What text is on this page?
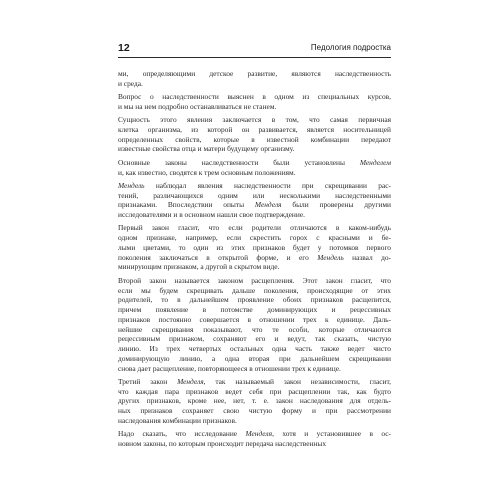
12	Педология подростка

ми, определяющими детское развитие, являются наследственность
и среда.

Вопрос о наследственности выяснен в одном из специальных курсов,
и мы на нем подробно останавливаться не станем.

Сущность этого явления заключается в том, что самая первичная
клетка организма, из которой он развивается, является носительницей
определенных свойств, которые в известной комбинации передают
известные свойства отца и матери будущему организму.

Основные законы наследственности были установлены Менделем
и, как известно, сводятся к трем основным положениям.

Мендель наблюдал явления наследственности при скрещивании рас-
тений, различающихся одним или несколькими наследственными
признаками. Впоследствии опыты Менделя были проверены другими
исследователями и в основном нашли свое подтверждение.

Первый закон гласит, что если родители отличаются в каком-нибудь
одном признаке, например, если скрестить горох с красными и бе-
лыми цветами, то один из этих признаков будет у потомков первого
поколения заключаться в открытой форме, и его Мендель назвал до-
минирующим признаком, а другой в скрытом виде.

Второй закон называется законом расщепления. Этот закон гласит, что
если мы будем скрещивать дальше поколения, происходящие от этих
родителей, то в дальнейшем проявление обоих признаков расщепится,
причем появление в потомстве доминирующих и рецессивных
признаков постоянно совершается в отношении трех к единице. Даль-
нейшие скрещивания показывают, что те особи, которые отличаются
рецессивным признаком, сохраняют его и ведут, так сказать, чистую
линию. Из трех четвертых остальных одна часть также ведет чисто
доминирующую линию, а одна вторая при дальнейшем скрещивании
снова дает расщепление, повторяющееся в отношении трех к единице.

Третий закон Менделя, так называемый закон независимости, гласит,
что каждая пара признаков ведет себя при расщеплении так, как будто
других признаков, кроме нее, нет, т. е. закон наследования для отдель-
ных признаков сохраняет свою чистую форму и при рассмотрении
наследования комбинации признаков.

Надо сказать, что исследование Менделя, хотя и установившее в ос-
новном законы, по которым происходит передача наследственных
